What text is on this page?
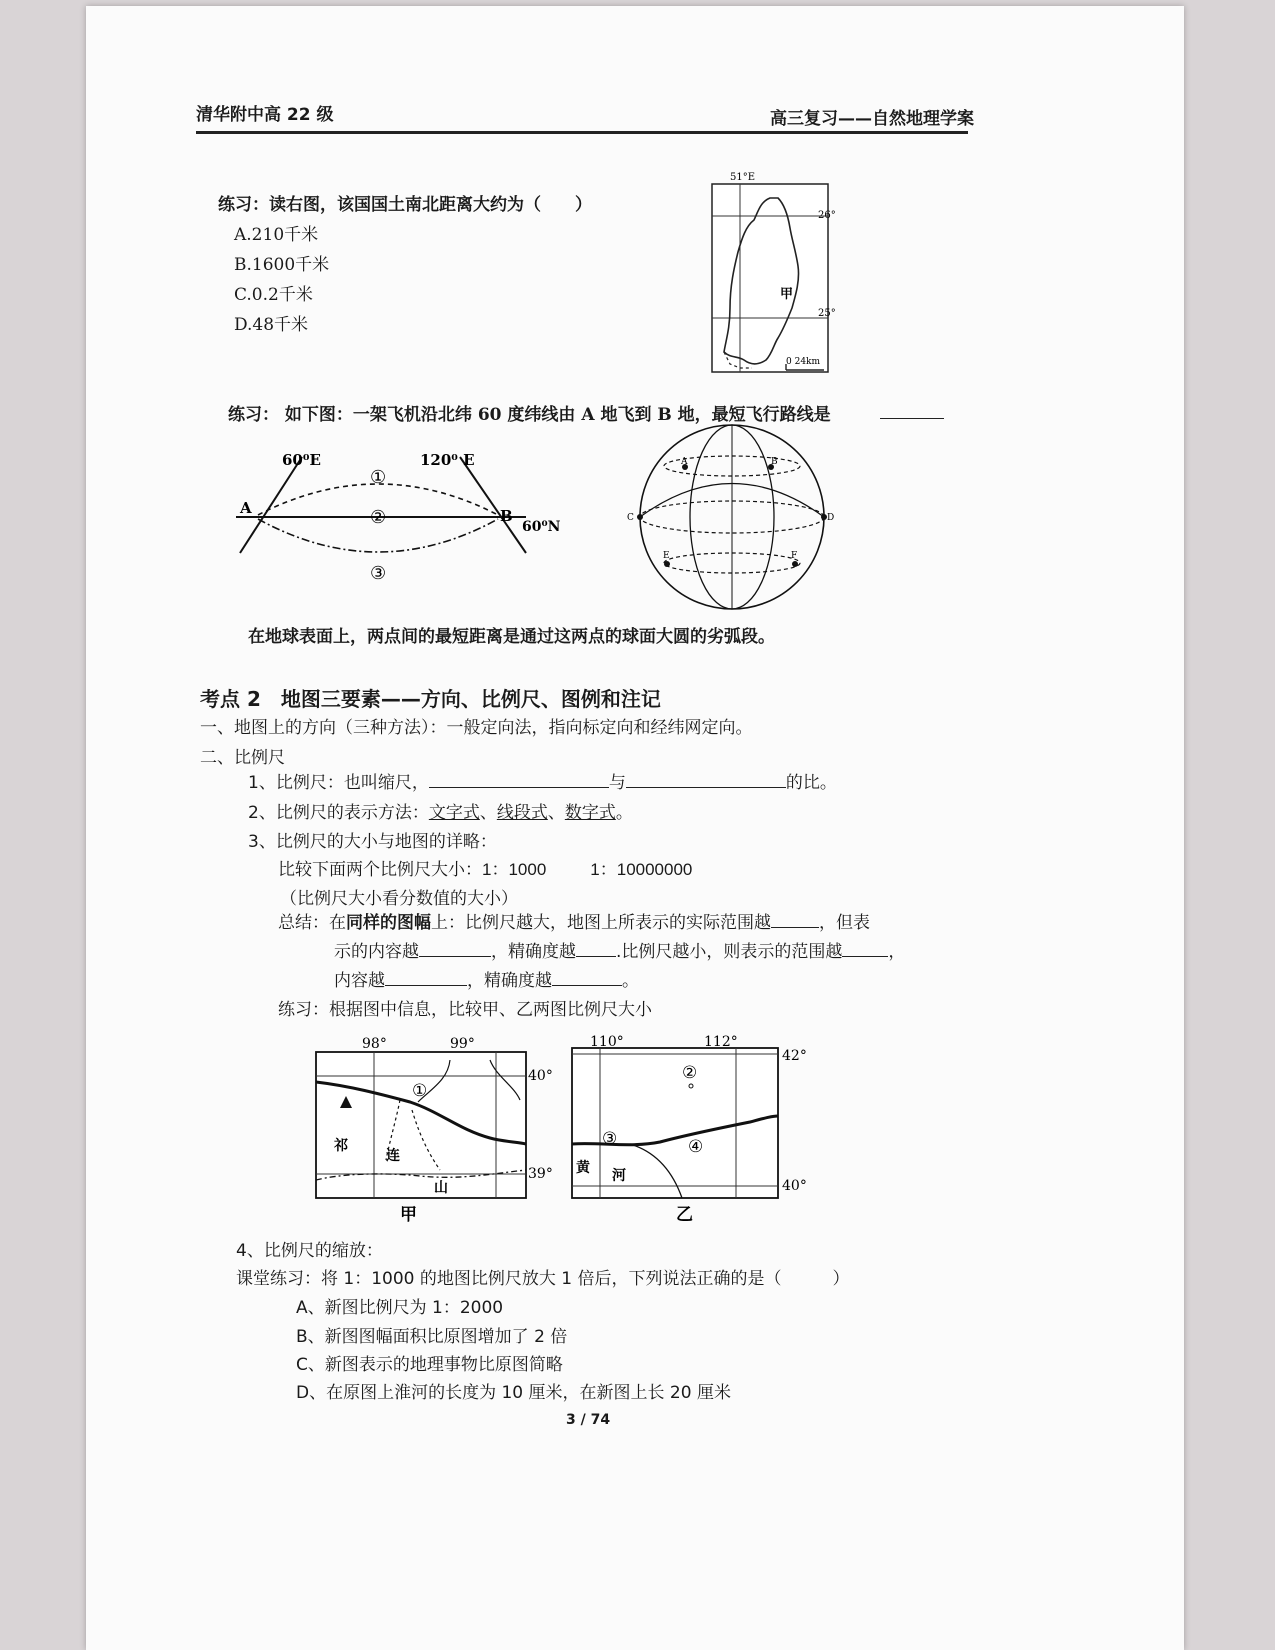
清华附中高 22 级	高三复习——自然地理学案
练习：读右图，该国国土南北距离大约为（　　）
A.210千米
B.1600千米
C.0.2千米
D.48千米
51°E
26°
25°
甲
0 24km
练习： 如下图：一架飞机沿北纬 60 度纬线由 A 地飞到 B 地，最短飞行路线是
60⁰E	120⁰ E
60⁰N
A	B
①
②
③
A	B
C	D
E	F
在地球表面上，两点间的最短距离是通过这两点的球面大圆的劣弧段。
考点 2　地图三要素——方向、比例尺、图例和注记
一、地图上的方向（三种方法）：一般定向法，指向标定向和经纬网定向。
二、比例尺
1、比例尺：也叫缩尺，	与	的比。
2、比例尺的表示方法：文字式、线段式、数字式。
3、比例尺的大小与地图的详略：
比较下面两个比例尺大小：1：1000	1：10000000
（比例尺大小看分数值的大小）
总结：在同样的图幅上：比例尺越大，地图上所表示的实际范围越	，但表
示的内容越	，精确度越 .比例尺越小，则表示的范围越	，
内容越	，精确度越	。
练习：根据图中信息，比较甲、乙两图比例尺大小
98°	99°
40°
39°
①
祁
连
山
甲
110°	112°
42°
40°
②
③	④
黄 河
乙
4、比例尺的缩放：
课堂练习：将 1：1000 的地图比例尺放大 1 倍后，下列说法正确的是（　　　）
A、新图比例尺为 1：2000
B、新图图幅面积比原图增加了 2 倍
C、新图表示的地理事物比原图简略
D、在原图上淮河的长度为 10 厘米，在新图上长 20 厘米
3 / 74
